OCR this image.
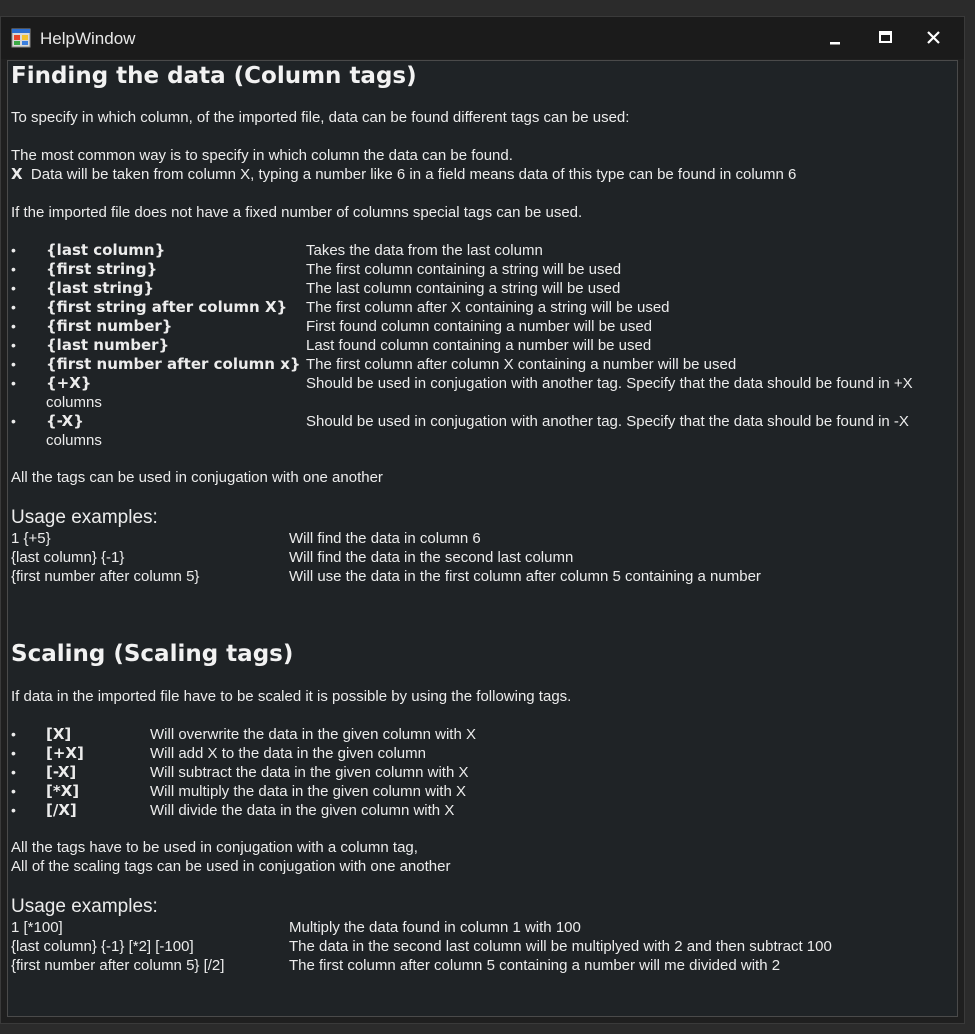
HelpWindow
Finding the data (Column tags)
To specify in which column, of the imported file, data can be found different tags can be used:
The most common way is to specify in which column the data can be found.
X Data will be taken from column X, typing a number like 6 in a field means data of this type can be found in column 6
If the imported file does not have a fixed number of columns special tags can be used.
• {last column}	Takes the data from the last column
• {first string}	The first column containing a string will be used
• {last string}	The last column containing a string will be used
• {first string after column X} The first column after X containing a string will be used
• {first number}	First found column containing a number will be used
• {last number}	Last found column containing a number will be used
• {first number after column x} The first column after column X containing a number will be used
• {+X}	Should be used in conjugation with another tag. Specify that the data should be found in +X
columns
• {-X}	Should be used in conjugation with another tag. Specify that the data should be found in -X
columns
All the tags can be used in conjugation with one another
Usage examples:
1 {+5}	Will find the data in column 6
{last column} {-1}	Will find the data in the second last column
{first number after column 5}	Will use the data in the first column after column 5 containing a number
Scaling (Scaling tags)
If data in the imported file have to be scaled it is possible by using the following tags.
• [X]	Will overwrite the data in the given column with X
• [+X]	Will add X to the data in the given column
• [-X]	Will subtract the data in the given column with X
• [*X]	Will multiply the data in the given column with X
• [/X]	Will divide the data in the given column with X
All the tags have to be used in conjugation with a column tag,
All of the scaling tags can be used in conjugation with one another
Usage examples:
1 [*100]	Multiply the data found in column 1 with 100
{last column} {-1} [*2] [-100]	The data in the second last column will be multiplyed with 2 and then subtract 100
{first number after column 5} [/2]	The first column after column 5 containing a number will me divided with 2
